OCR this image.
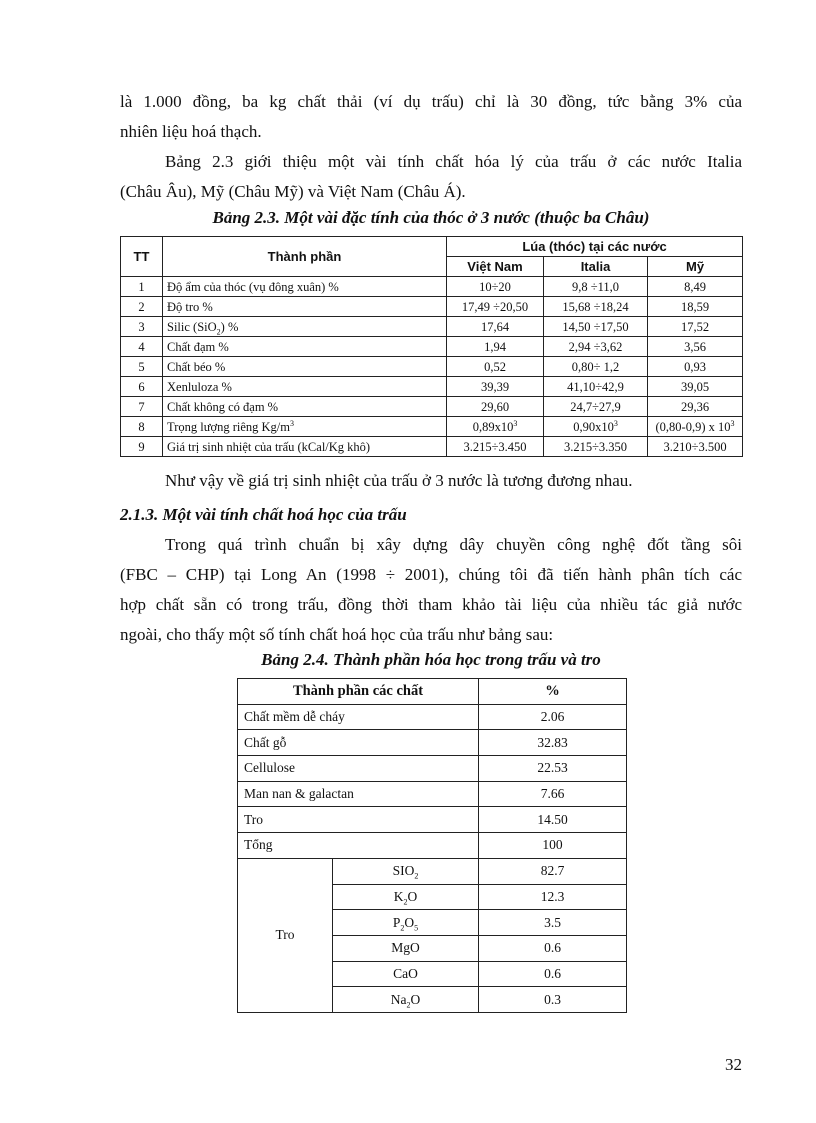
là 1.000 đồng, ba kg chất thải (ví dụ trấu) chỉ là 30 đồng, tức bằng 3% của
nhiên liệu hoá thạch.

Bảng 2.3 giới thiệu một vài tính chất hóa lý của trấu ở các nước Italia
(Châu Âu), Mỹ (Châu Mỹ) và Việt Nam (Châu Á).

Bảng 2.3. Một vài đặc tính của thóc ở 3 nước (thuộc ba Châu)

TT	Thành phần	Lúa (thóc) tại các nước		
		Việt Nam	Italia	Mỹ
1	Độ ẩm của thóc (vụ đông xuân) %	10÷20	9,8 ÷11,0	8,49
2	Độ tro %	17,49 ÷20,50	15,68 ÷18,24	18,59
3	Silic (SiO$_2$) %	17,64	14,50 ÷17,50	17,52
4	Chất đạm %	1,94	2,94 ÷3,62	3,56
5	Chất béo %	0,52	0,80÷ 1,2	0,93
6	Xenluloza %	39,39	41,10÷42,9	39,05
7	Chất không có đạm %	29,60	24,7÷27,9	29,36
8	Trọng lượng riêng $Kg/m^3$	$0,89x10^3$	$0,90x10^3$	(0,80-0,9) x $10^3$
9	Giá trị sinh nhiệt của trấu (kCal/Kg khô)	3.215÷3.450	3.215÷3.350	3.210÷3.500

Như vậy về giá trị sinh nhiệt của trấu ở 3 nước là tương đương nhau.

2.1.3. Một vài tính chất hoá học của trấu

Trong quá trình chuẩn bị xây dựng dây chuyền công nghệ đốt tầng sôi
(FBC – CHP) tại Long An (1998 ÷ 2001), chúng tôi đã tiến hành phân tích các
hợp chất sẵn có trong trấu, đồng thời tham khảo tài liệu của nhiều tác giả nước
ngoài, cho thấy một số tính chất hoá học của trấu như bảng sau:

Bảng 2.4. Thành phần hóa học trong trấu và tro

Thành phần các chất		%
Chất mềm dễ cháy		2.06
Chất gỗ		32.83
Cellulose		22.53
Man nan & galactan		7.66
Tro		14.50
Tổng		100
Tro	$SIO_2$	82.7
	$K_2O$	12.3
	$P_2O_5$	3.5
	MgO	0.6
	CaO	0.6
	$Na_2O$	0.3

32
